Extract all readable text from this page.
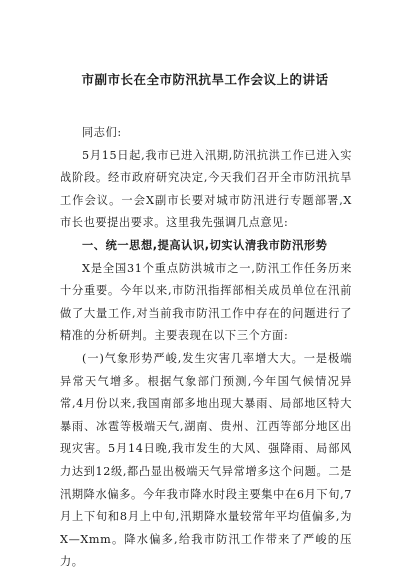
市副市长在全市防汛抗旱工作会议上的讲话

同志们:

5月15日起,我市已进入汛期,防汛抗洪工作已进入实战阶段。经市政府研究决定,今天我们召开全市防汛抗旱工作会议。一会X副市长要对城市防汛进行专题部署,X市长也要提出要求。这里我先强调几点意见:

一、统一思想,提高认识,切实认清我市防汛形势

X是全国31个重点防洪城市之一,防汛工作任务历来十分重要。今年以来,市防汛指挥部相关成员单位在汛前做了大量工作,对当前我市防汛工作中存在的问题进行了精准的分析研判。主要表现在以下三个方面:

(一)气象形势严峻,发生灾害几率增大大。一是极端异常天气增多。根据气象部门预测,今年国气候情况异常,4月份以来,我国南部多地出现大暴雨、局部地区特大暴雨、冰雹等极端天气,湖南、贵州、江西等部分地区出现灾害。5月14日晚,我市发生的大风、强降雨、局部风力达到12级,都凸显出极端天气异常增多这个问题。二是汛期降水偏多。今年我市降水时段主要集中在6月下旬,7月上下旬和8月上中旬,汛期降水量较常年平均值偏多,为X—Xmm。降水偏多,给我市防汛工作带来了严峻的压力。
